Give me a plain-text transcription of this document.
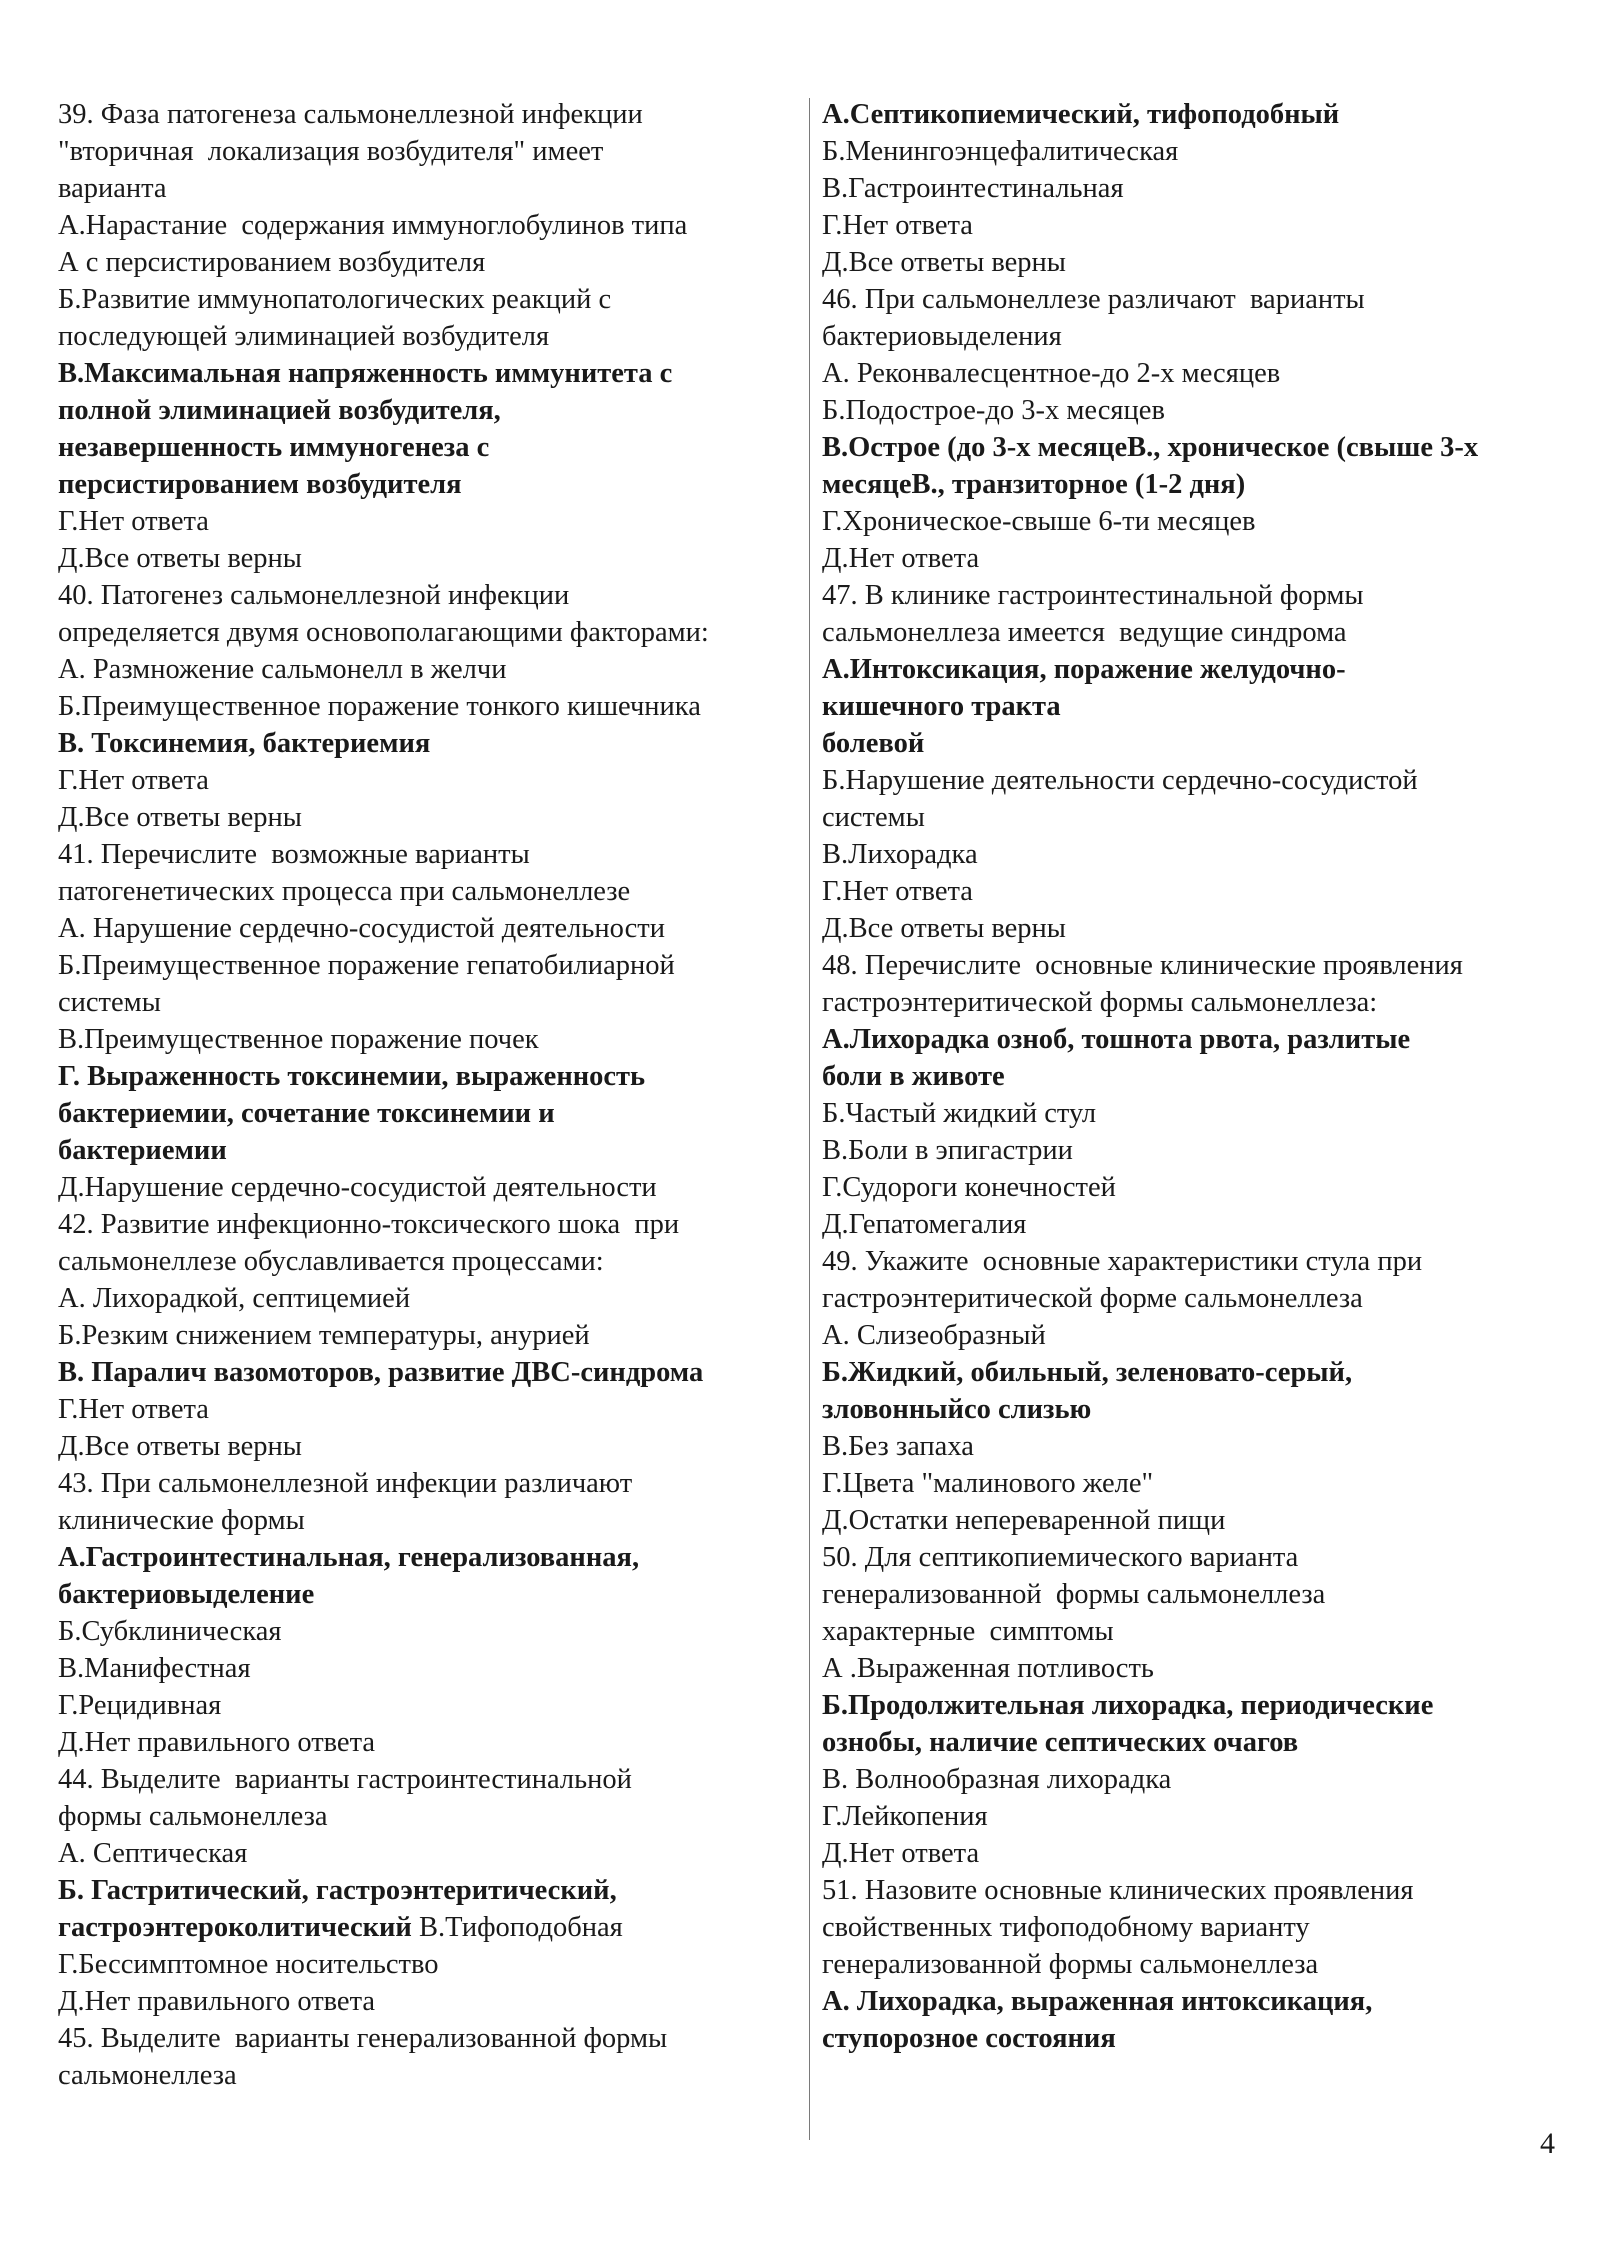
39. Фаза патогенеза сальмонеллезной инфекции
"вторичная  локализация возбудителя" имеет
варианта
А.Нарастание  содержания иммуноглобулинов типа
А с персистированием возбудителя
Б.Развитие иммунопатологических реакций с
последующей элиминацией возбудителя
В.Максимальная напряженность иммунитета с
полной элиминацией возбудителя,
незавершенность иммуногенеза с
персистированием возбудителя
Г.Нет ответа
Д.Все ответы верны
40. Патогенез сальмонеллезной инфекции
определяется двумя основополагающими факторами:
А. Размножение сальмонелл в желчи
Б.Преимущественное поражение тонкого кишечника
В. Токсинемия, бактериемия
Г.Нет ответа
Д.Все ответы верны
41. Перечислите  возможные варианты
патогенетических процесса при сальмонеллезе
А. Нарушение сердечно-сосудистой деятельности
Б.Преимущественное поражение гепатобилиарной
системы
В.Преимущественное поражение почек
Г. Выраженность токсинемии, выраженность
бактериемии, сочетание токсинемии и
бактериемии
Д.Нарушение сердечно-сосудистой деятельности
42. Развитие инфекционно-токсического шока  при
сальмонеллезе обуславливается процессами:
А. Лихорадкой, септицемией
Б.Резким снижением температуры, анурией
В. Паралич вазомоторов, развитие ДВС-синдрома
Г.Нет ответа
Д.Все ответы верны
43. При сальмонеллезной инфекции различают
клинические формы
А.Гастроинтестинальная, генерализованная,
бактериовыделение
Б.Субклиническая
В.Манифестная
Г.Рецидивная
Д.Нет правильного ответа
44. Выделите  варианты гастроинтестинальной
формы сальмонеллеза
А. Септическая
Б. Гастритический, гастроэнтеритический,
гастроэнтероколитический В.Тифоподобная
Г.Бессимптомное носительство
Д.Нет правильного ответа
45. Выделите  варианты генерализованной формы
сальмонеллеза
А.Септикопиемический, тифоподобный
Б.Менингоэнцефалитическая
В.Гастроинтестинальная
Г.Нет ответа
Д.Все ответы верны
46. При сальмонеллезе различают  варианты
бактериовыделения
А. Реконвалесцентное-до 2-х месяцев
Б.Подострое-до 3-х месяцев
В.Острое (до 3-х месяцеВ., хроническое (свыше 3-х
месяцеВ., транзиторное (1-2 дня)
Г.Хроническое-свыше 6-ти месяцев
Д.Нет ответа
47. В клинике гастроинтестинальной формы
сальмонеллеза имеется  ведущие синдрома
А.Интоксикация, поражение желудочно-
кишечного тракта
болевой
Б.Нарушение деятельности сердечно-сосудистой
системы
В.Лихорадка
Г.Нет ответа
Д.Все ответы верны
48. Перечислите  основные клинические проявления
гастроэнтеритической формы сальмонеллеза:
А.Лихорадка озноб, тошнота рвота, разлитые
боли в животе
Б.Частый жидкий стул
В.Боли в эпигастрии
Г.Судороги конечностей
Д.Гепатомегалия
49. Укажите  основные характеристики стула при
гастроэнтеритической форме сальмонеллеза
А. Слизеобразный
Б.Жидкий, обильный, зеленовато-серый,
зловонныйсо слизью
В.Без запаха
Г.Цвета "малинового желе"
Д.Остатки непереваренной пищи
50. Для септикопиемического варианта
генерализованной  формы сальмонеллеза
характерные  симптомы
А .Выраженная потливость
Б.Продолжительная лихорадка, периодические
ознобы, наличие септических очагов
В. Волнообразная лихорадка
Г.Лейкопения
Д.Нет ответа
51. Назовите основные клинических проявления
свойственных тифоподобному варианту
генерализованной формы сальмонеллеза
А. Лихорадка, выраженная интоксикация,
ступорозное состояния
4
